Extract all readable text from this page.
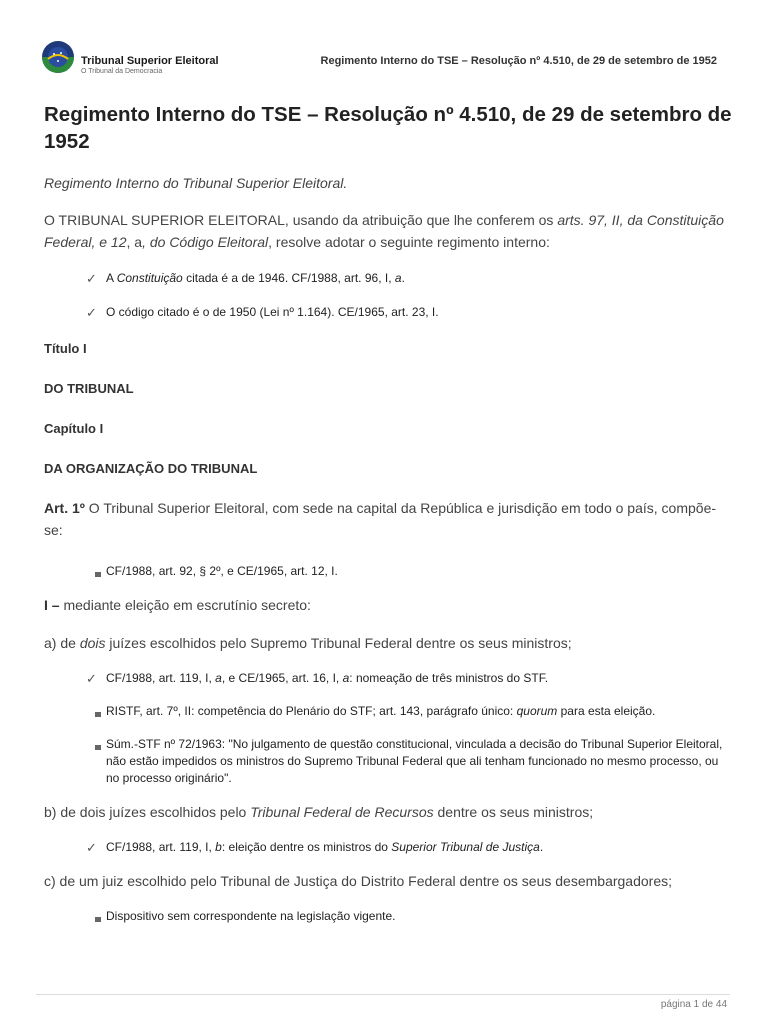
Tribunal Superior Eleitoral
O Tribunal da Democracia
Regimento Interno do TSE – Resolução nº 4.510, de 29 de setembro de 1952
Regimento Interno do TSE – Resolução nº 4.510, de 29 de setembro de 1952

Regimento Interno do Tribunal Superior Eleitoral.

O TRIBUNAL SUPERIOR ELEITORAL, usando da atribuição que lhe conferem os arts. 97, II, da Constituição Federal, e 12, a, do Código Eleitoral, resolve adotar o seguinte regimento interno:

✓ A Constituição citada é a de 1946. CF/1988, art. 96, I, a.
✓ O código citado é o de 1950 (Lei nº 1.164). CE/1965, art. 23, I.

Título I

DO TRIBUNAL

Capítulo I

DA ORGANIZAÇÃO DO TRIBUNAL

Art. 1º O Tribunal Superior Eleitoral, com sede na capital da República e jurisdição em todo o país, compõe-se:

CF/1988, art. 92, § 2º, e CE/1965, art. 12, I.

I – mediante eleição em escrutínio secreto:

a) de dois juízes escolhidos pelo Supremo Tribunal Federal dentre os seus ministros;

✓ CF/1988, art. 119, I, a, e CE/1965, art. 16, I, a: nomeação de três ministros do STF.
RISTF, art. 7º, II: competência do Plenário do STF; art. 143, parágrafo único: quorum para esta eleição.
Súm.-STF nº 72/1963: "No julgamento de questão constitucional, vinculada a decisão do Tribunal Superior Eleitoral, não estão impedidos os ministros do Supremo Tribunal Federal que ali tenham funcionado no mesmo processo, ou no processo originário".

b) de dois juízes escolhidos pelo Tribunal Federal de Recursos dentre os seus ministros;

✓ CF/1988, art. 119, I, b: eleição dentre os ministros do Superior Tribunal de Justiça.

c) de um juiz escolhido pelo Tribunal de Justiça do Distrito Federal dentre os seus desembargadores;

Dispositivo sem correspondente na legislação vigente.
página 1 de 44
